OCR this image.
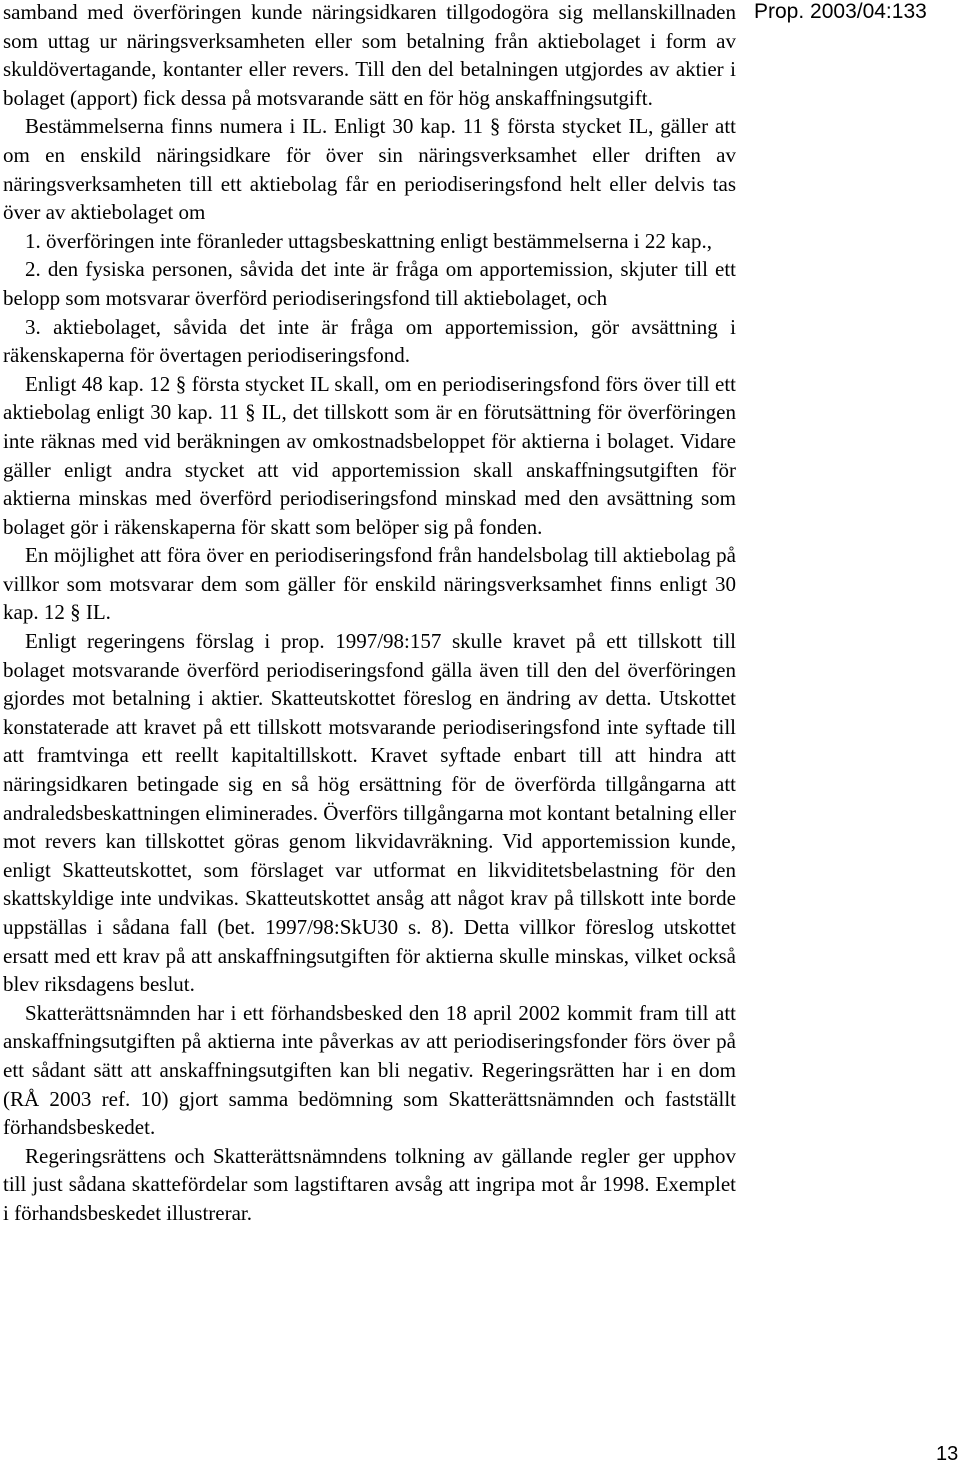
Prop. 2003/04:133

samband med överföringen kunde näringsidkaren tillgodogöra sig mellanskillnaden som uttag ur näringsverksamheten eller som betalning från aktiebolaget i form av skuldövertagande, kontanter eller revers. Till den del betalningen utgjordes av aktier i bolaget (apport) fick dessa på motsvarande sätt en för hög anskaffningsutgift.

Bestämmelserna finns numera i IL. Enligt 30 kap. 11 § första stycket IL, gäller att om en enskild näringsidkare för över sin näringsverksamhet eller driften av näringsverksamheten till ett aktiebolag får en periodiseringsfond helt eller delvis tas över av aktiebolaget om

1. överföringen inte föranleder uttagsbeskattning enligt bestämmelserna i 22 kap.,

2. den fysiska personen, såvida det inte är fråga om apportemission, skjuter till ett belopp som motsvarar överförd periodiseringsfond till aktiebolaget, och

3. aktiebolaget, såvida det inte är fråga om apportemission, gör avsättning i räkenskaperna för övertagen periodiseringsfond.

Enligt 48 kap. 12 § första stycket IL skall, om en periodiseringsfond förs över till ett aktiebolag enligt 30 kap. 11 § IL, det tillskott som är en förutsättning för överföringen inte räknas med vid beräkningen av omkostnadsbeloppet för aktierna i bolaget. Vidare gäller enligt andra stycket att vid apportemission skall anskaffningsutgiften för aktierna minskas med överförd periodiseringsfond minskad med den avsättning som bolaget gör i räkenskaperna för skatt som belöper sig på fonden.

En möjlighet att föra över en periodiseringsfond från handelsbolag till aktiebolag på villkor som motsvarar dem som gäller för enskild näringsverksamhet finns enligt 30 kap. 12 § IL.

Enligt regeringens förslag i prop. 1997/98:157 skulle kravet på ett tillskott till bolaget motsvarande överförd periodiseringsfond gälla även till den del överföringen gjordes mot betalning i aktier. Skatteutskottet föreslog en ändring av detta. Utskottet konstaterade att kravet på ett tillskott motsvarande periodiseringsfond inte syftade till att framtvinga ett reellt kapitaltillskott. Kravet syftade enbart till att hindra att näringsidkaren betingade sig en så hög ersättning för de överförda tillgångarna att andraledsbeskattningen eliminerades. Överförs tillgångarna mot kontant betalning eller mot revers kan tillskottet göras genom likvidavräkning. Vid apportemission kunde, enligt Skatteutskottet, som förslaget var utformat en likviditetsbelastning för den skattskyldige inte undvikas. Skatteutskottet ansåg att något krav på tillskott inte borde uppställas i sådana fall (bet. 1997/98:SkU30 s. 8). Detta villkor föreslog utskottet ersatt med ett krav på att anskaffningsutgiften för aktierna skulle minskas, vilket också blev riksdagens beslut.

Skatterättsnämnden har i ett förhandsbesked den 18 april 2002 kommit fram till att anskaffningsutgiften på aktierna inte påverkas av att periodiseringsfonder förs över på ett sådant sätt att anskaffningsutgiften kan bli negativ. Regeringsrätten har i en dom (RÅ 2003 ref. 10) gjort samma bedömning som Skatterättsnämnden och fastställt förhandsbeskedet.

Regeringsrättens och Skatterättsnämndens tolkning av gällande regler ger upphov till just sådana skattefördelar som lagstiftaren avsåg att ingripa mot år 1998. Exemplet i förhandsbeskedet illustrerar.

13
